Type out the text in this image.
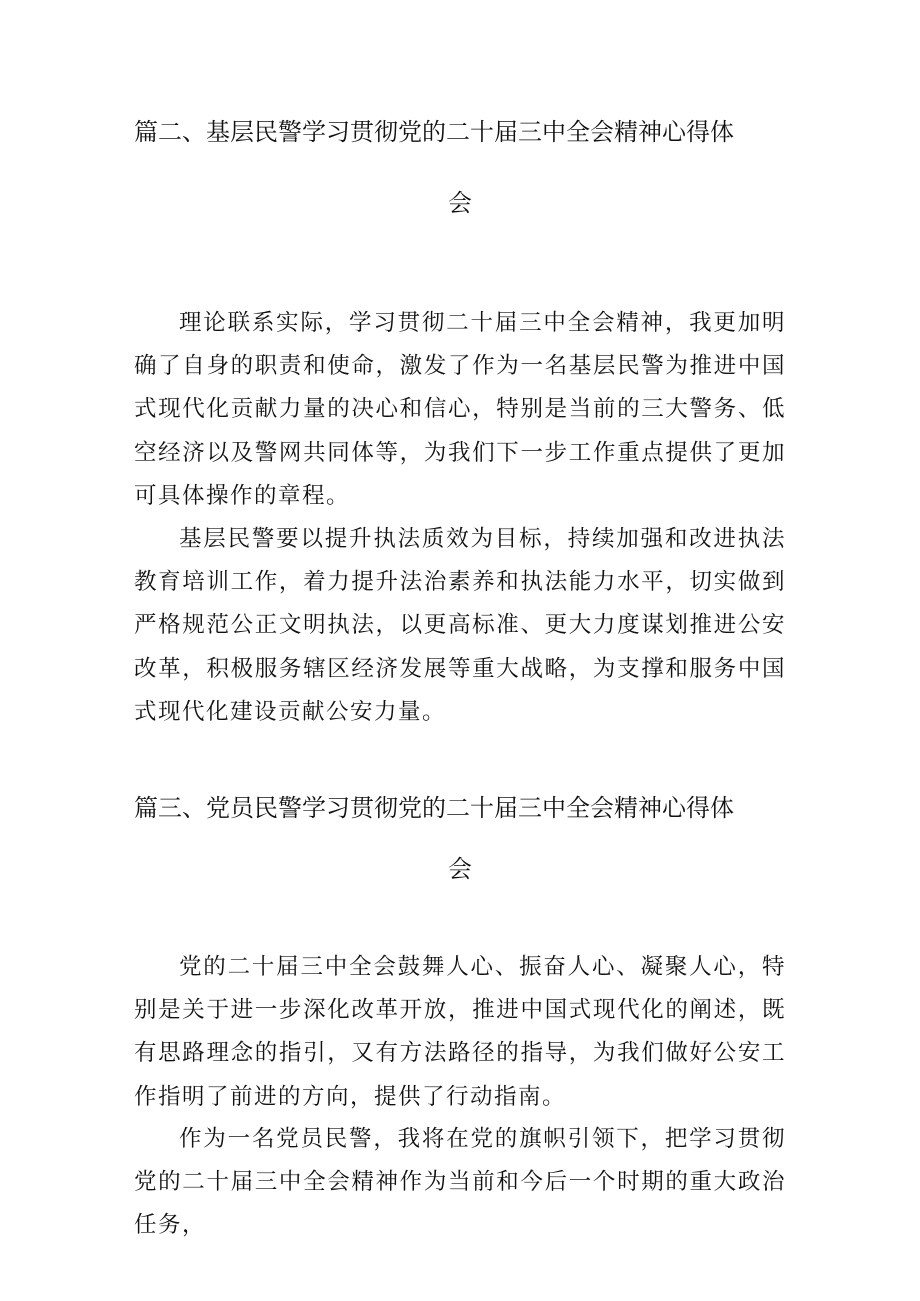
篇二、基层民警学习贯彻党的二十届三中全会精神心得体
会
理论联系实际，学习贯彻二十届三中全会精神，我更加明确了自身的职责和使命，激发了作为一名基层民警为推进中国式现代化贡献力量的决心和信心，特别是当前的三大警务、低空经济以及警网共同体等，为我们下一步工作重点提供了更加可具体操作的章程。
基层民警要以提升执法质效为目标，持续加强和改进执法教育培训工作，着力提升法治素养和执法能力水平，切实做到严格规范公正文明执法，以更高标准、更大力度谋划推进公安改革，积极服务辖区经济发展等重大战略，为支撑和服务中国式现代化建设贡献公安力量。
篇三、党员民警学习贯彻党的二十届三中全会精神心得体
会
党的二十届三中全会鼓舞人心、振奋人心、凝聚人心，特别是关于进一步深化改革开放，推进中国式现代化的阐述，既有思路理念的指引，又有方法路径的指导，为我们做好公安工作指明了前进的方向，提供了行动指南。
作为一名党员民警，我将在党的旗帜引领下，把学习贯彻党的二十届三中全会精神作为当前和今后一个时期的重大政治任务，
